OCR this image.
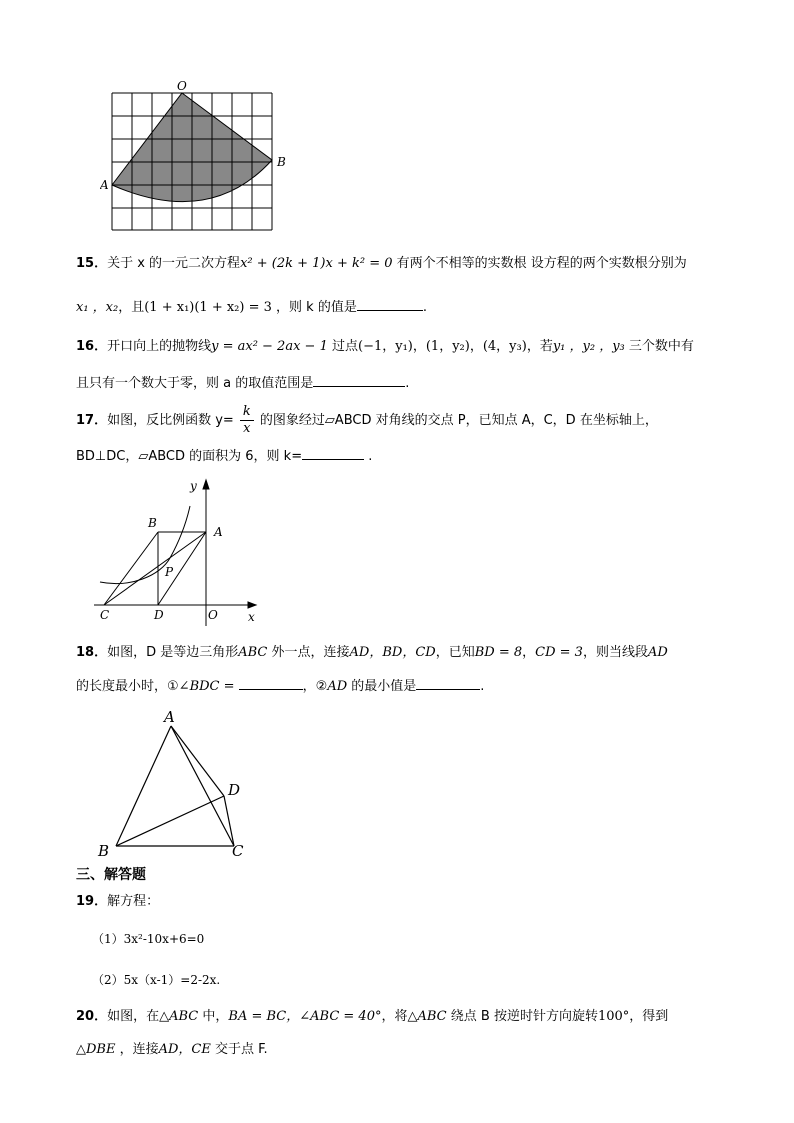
O
B
A
15．关于 x 的一元二次方程x² + (2k + 1)x + k² = 0 有两个不相等的实数根 设方程的两个实数根分别为
x₁ ，x₂，且(1 + x₁)(1 + x₂) = 3 ，则 k 的值是	.
16．开口向上的抛物线y = ax² − 2ax − 1 过点(−1，y₁)，(1，y₂)，(4，y₃)，若y₁ ，y₂ ，y₃ 三个数中有
且只有一个数大于零，则 a 的取值范围是	.
17．如图，反比例函数 $y= \frac{k}{x}$ 的图象经过▱ABCD 对角线的交点 P，已知点 A，C，D 在坐标轴上，
BD⊥DC，▱ABCD 的面积为 6，则 k=	.
y
B
A
P
C	D	O	x
18．如图，D 是等边三角形ABC 外一点，连接AD，BD，CD，已知BD = 8，CD = 3，则当线段AD
的长度最小时，①∠BDC =	，②AD 的最小值是	.
A
D
B	C
三、解答题
19．解方程：
（1）3x²-10x+6=0
（2）5x（x-1）=2-2x.
20．如图，在△ABC 中，BA = BC，∠ABC = 40°，将△ABC 绕点 B 按逆时针方向旋转100°，得到
△DBE ，连接AD，CE 交于点 F.
